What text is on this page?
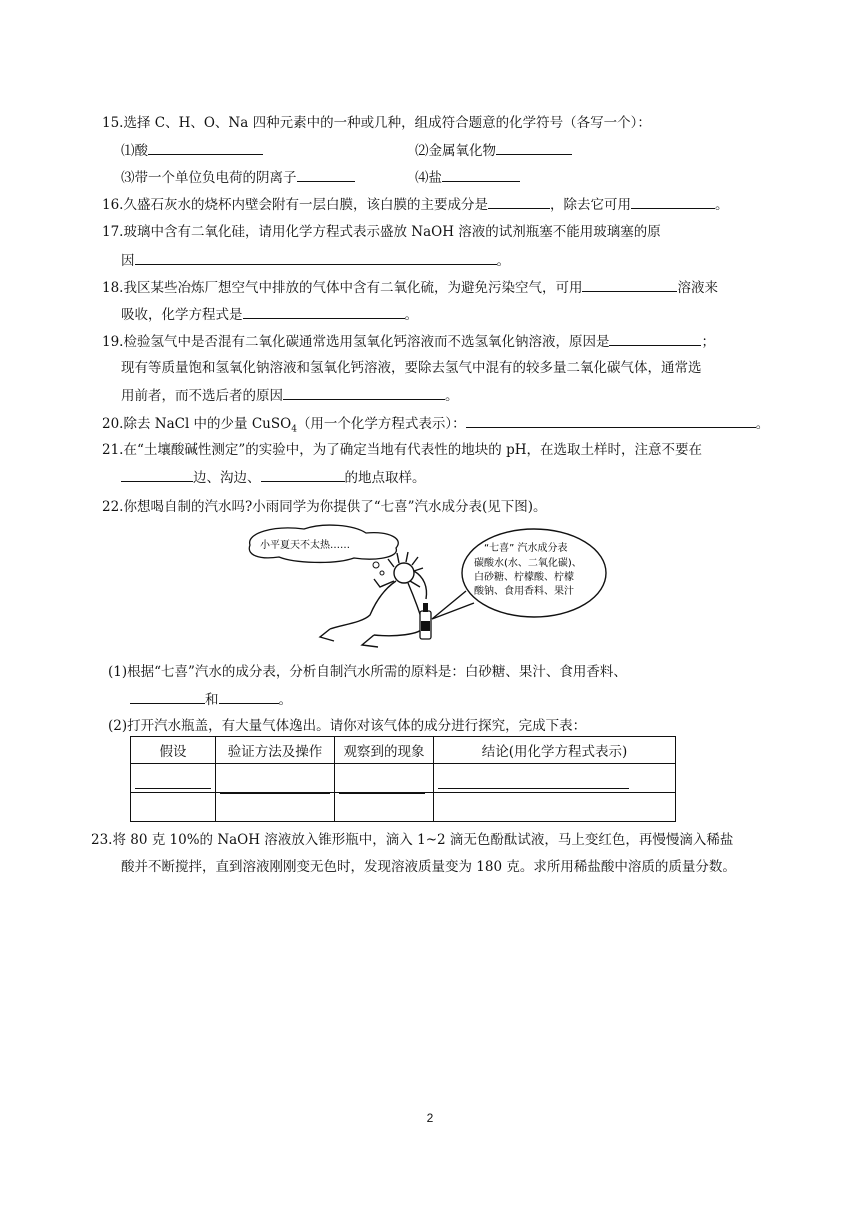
15.选择 C、H、O、Na 四种元素中的一种或几种，组成符合题意的化学符号（各写一个）：
⑴酸	⑵金属氧化物
⑶带一个单位负电荷的阴离子	⑷盐
16.久盛石灰水的烧杯内壁会附有一层白膜，该白膜的主要成分是	，除去它可用	。
17.玻璃中含有二氧化硅，请用化学方程式表示盛放 NaOH 溶液的试剂瓶塞不能用玻璃塞的原
因	。
18.我区某些冶炼厂想空气中排放的气体中含有二氧化硫，为避免污染空气，可用	溶液来
吸收，化学方程式是	。
19.检验氢气中是否混有二氧化碳通常选用氢氧化钙溶液而不选氢氧化钠溶液，原因是	；
现有等质量饱和氢氧化钠溶液和氢氧化钙溶液，要除去氢气中混有的较多量二氧化碳气体，通常选
用前者，而不选后者的原因	。
20.除去 NaCl 中的少量 CuSO$_4$（用一个化学方程式表示）：	。
21.在“土壤酸碱性测定”的实验中，为了确定当地有代表性的地块的 pH，在选取土样时，注意不要在
边、沟边、	的地点取样。
22.你想喝自制的汽水吗?小雨同学为你提供了“七喜”汽水成分表(见下图)。
小平夏天不太热……	“七喜” 汽水成分表
碳酸水(水、二氧化碳)、
白砂糖、柠檬酸、柠檬
酸钠、食用香料、果汁
(1)根据“七喜”汽水的成分表，分析自制汽水所需的原料是：白砂糖、果汁、食用香料、
和	。
(2)打开汽水瓶盖，有大量气体逸出。请你对该气体的成分进行探究，完成下表：
假设	验证方法及操作	观察到的现象	结论(用化学方程式表示)

23.将 80 克 10%的 NaOH 溶液放入锥形瓶中，滴入 1~2 滴无色酚酞试液，马上变红色，再慢慢滴入稀盐
酸并不断搅拌，直到溶液刚刚变无色时，发现溶液质量变为 180 克。求所用稀盐酸中溶质的质量分数。
2
